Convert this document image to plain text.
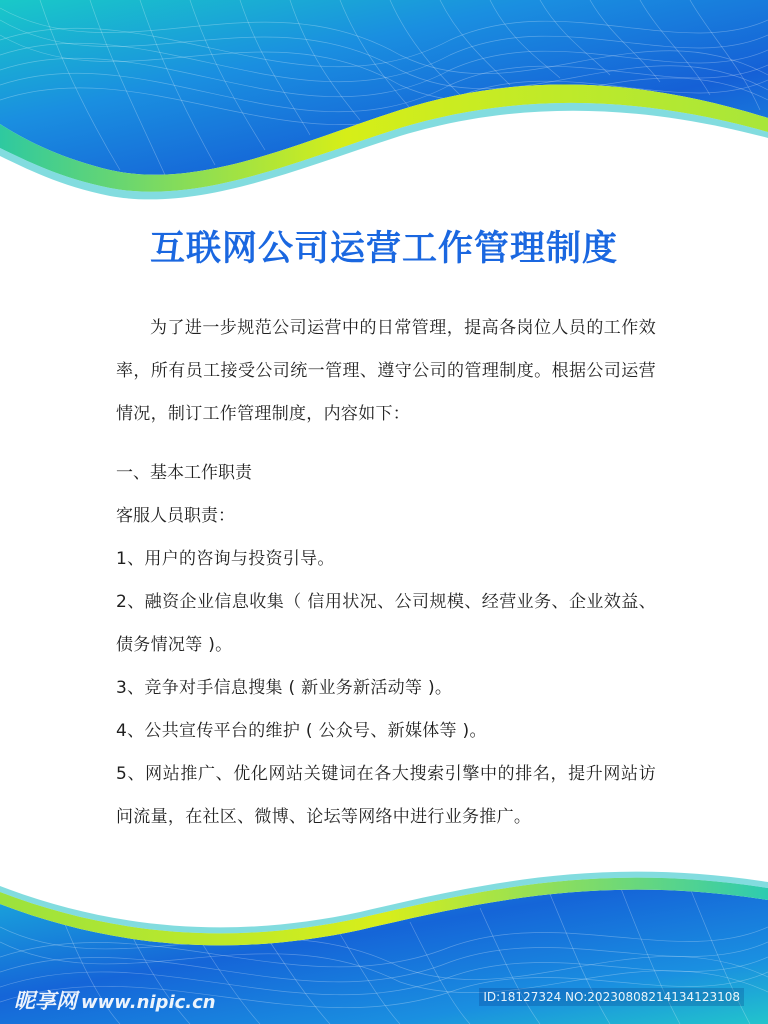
互联网公司运营工作管理制度

为了进一步规范公司运营中的日常管理，提高各岗位人员的工作效率，所有员工接受公司统一管理、遵守公司的管理制度。根据公司运营情况，制订工作管理制度，内容如下：

一、基本工作职责

客服人员职责：

1、用户的咨询与投资引导。

2、融资企业信息收集（ 信用状况、公司规模、经营业务、企业效益、债务情况等 )。

3、竞争对手信息搜集 ( 新业务新活动等 )。

4、公共宣传平台的维护 ( 公众号、新媒体等 )。

5、网站推广、优化网站关键词在各大搜索引擎中的排名，提升网站访问流量，在社区、微博、论坛等网络中进行业务推广。

昵享网 www.nipic.cn	ID:18127324 NO:20230808214134123108
